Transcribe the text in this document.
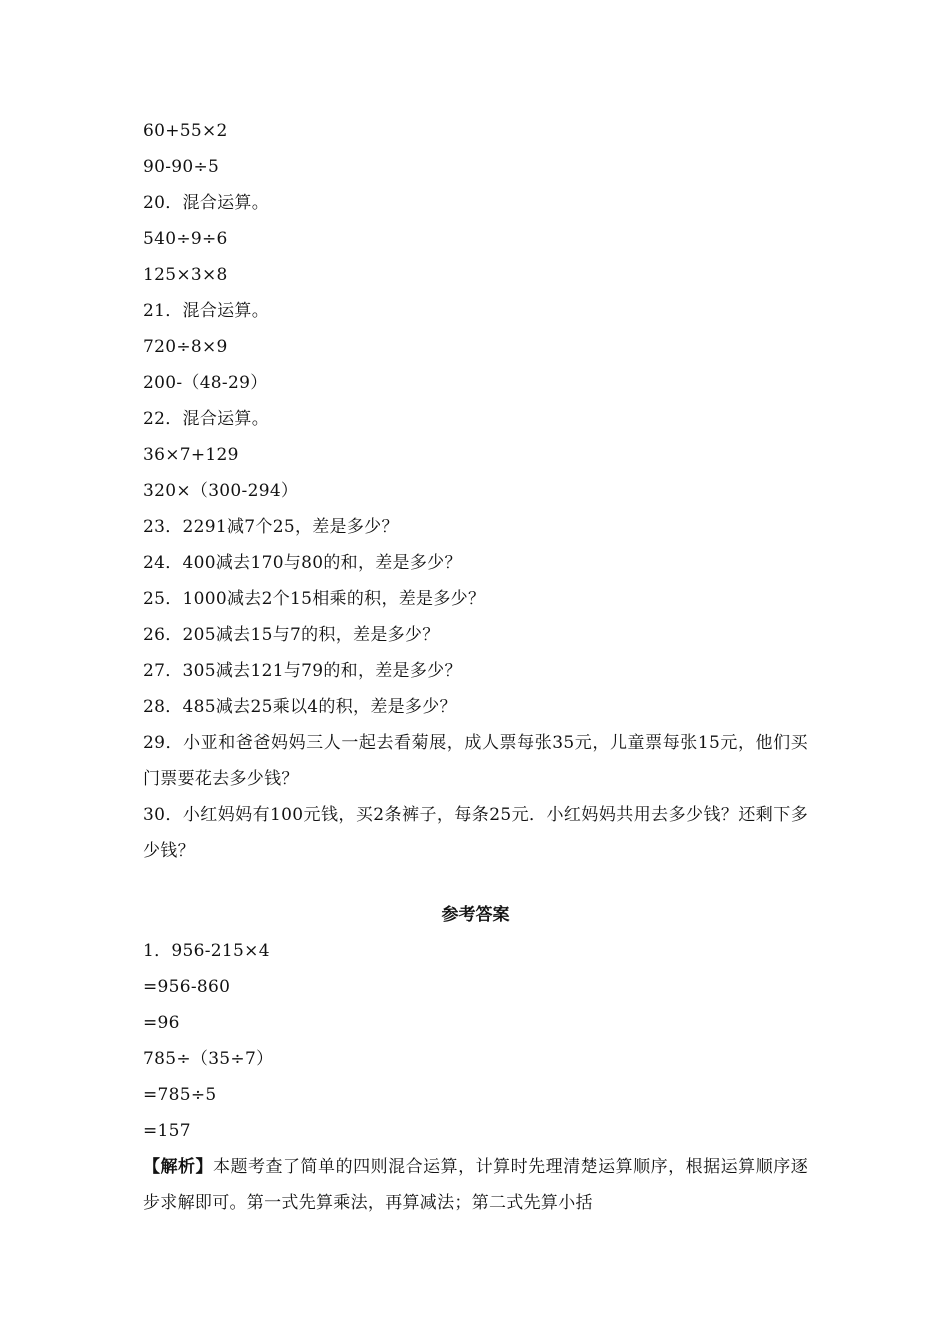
60+55×2
90-90÷5
20．混合运算。
540÷9÷6
125×3×8
21．混合运算。
720÷8×9
200-（48-29）
22．混合运算。
36×7+129
320×（300-294）
23．2291减7个25，差是多少？
24．400减去170与80的和，差是多少？
25．1000减去2个15相乘的积，差是多少？
26．205减去15与7的积，差是多少？
27．305减去121与79的和，差是多少？
28．485减去25乘以4的积，差是多少？
29．小亚和爸爸妈妈三人一起去看菊展，成人票每张35元，儿童票每张15元，他们买门票要花去多少钱？
30．小红妈妈有100元钱，买2条裤子，每条25元．小红妈妈共用去多少钱？还剩下多少钱？
参考答案
1．956-215×4
=956-860
=96
785÷（35÷7）
=785÷5
=157
【解析】本题考查了简单的四则混合运算，计算时先理清楚运算顺序，根据运算顺序逐步求解即可。第一式先算乘法，再算减法；第二式先算小括
